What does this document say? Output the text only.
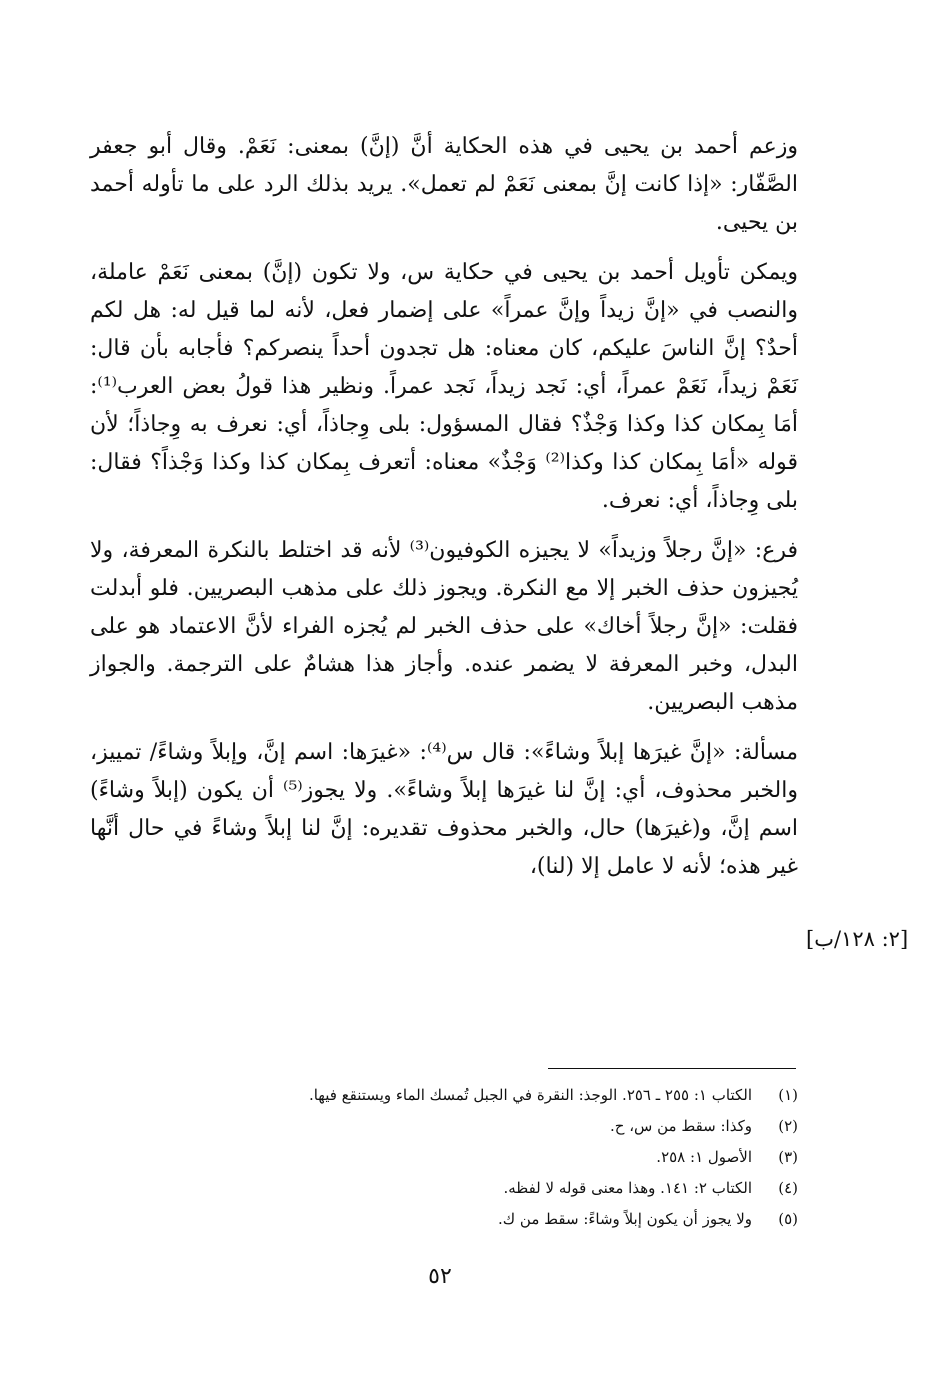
وزعم أحمد بن يحيى في هذه الحكاية أنَّ (إنَّ) بمعنى: نَعَمْ. وقال أبو جعفر الصَّفّار: «إذا كانت إنَّ بمعنى نَعَمْ لم تعمل». يريد بذلك الرد على ما تأوله أحمد بن يحيى.

ويمكن تأويل أحمد بن يحيى في حكاية س، ولا تكون (إنَّ) بمعنى نَعَمْ عاملة، والنصب في «إنَّ زيداً وإنَّ عمراً» على إضمار فعل، لأنه لما قيل له: هل لكم أحدٌ؟ إنَّ الناسَ عليكم، كان معناه: هل تجدون أحداً ينصركم؟ فأجابه بأن قال: نَعَمْ زيداً، نَعَمْ عمراً، أي: نَجد زيداً، نَجد عمراً. ونظير هذا قولُ بعض العرب⁽¹⁾: أمَا بِمكان كذا وكذا وَجْذٌ؟ فقال المسؤول: بلى وِجاذاً، أي: نعرف به وِجاذاً؛ لأن قوله «أمَا بِمكان كذا وكذا⁽²⁾ وَجْذٌ» معناه: أتعرف بِمكان كذا وكذا وَجْذاً؟ فقال: بلى وِجاذاً، أي: نعرف.

فرع: «إنَّ رجلاً وزيداً» لا يجيزه الكوفيون⁽³⁾ لأنه قد اختلط بالنكرة المعرفة، ولا يُجيزون حذف الخبر إلا مع النكرة. ويجوز ذلك على مذهب البصريين. فلو أبدلت فقلت: «إنَّ رجلاً أخاك» على حذف الخبر لم يُجزه الفراء لأنَّ الاعتماد هو على البدل، وخبر المعرفة لا يضمر عنده. وأجاز هذا هشامٌ على الترجمة. والجواز مذهب البصريين.

مسألة: «إنَّ غيرَها إبلاً وشاءً»: قال س⁽⁴⁾: «غيرَها: اسم إنَّ، وإبلاً وشاءً/ تمييز، والخبر محذوف، أي: إنَّ لنا غيرَها إبلاً وشاءً». ولا يجوز⁽⁵⁾ أن يكون (إبلاً وشاءً) اسم إنَّ، و(غيرَها) حال، والخبر محذوف تقديره: إنَّ لنا إبلاً وشاءً في حال أنَّها غير هذه؛ لأنه لا عامل إلا (لنا)،

[٢: ١٢٨/ب]
(١)
الكتاب ١: ٢٥٥ ـ ٢٥٦. الوجذ: النقرة في الجبل تُمسك الماء ويستنقع فيها.
(٢)
وكذا: سقط من س، ح.
(٣)
الأصول ١: ٢٥٨.
(٤)
الكتاب ٢: ١٤١. وهذا معنى قوله لا لفظه.
(٥)
ولا يجوز أن يكون إبلاً وشاءً: سقط من ك.
٥٢
